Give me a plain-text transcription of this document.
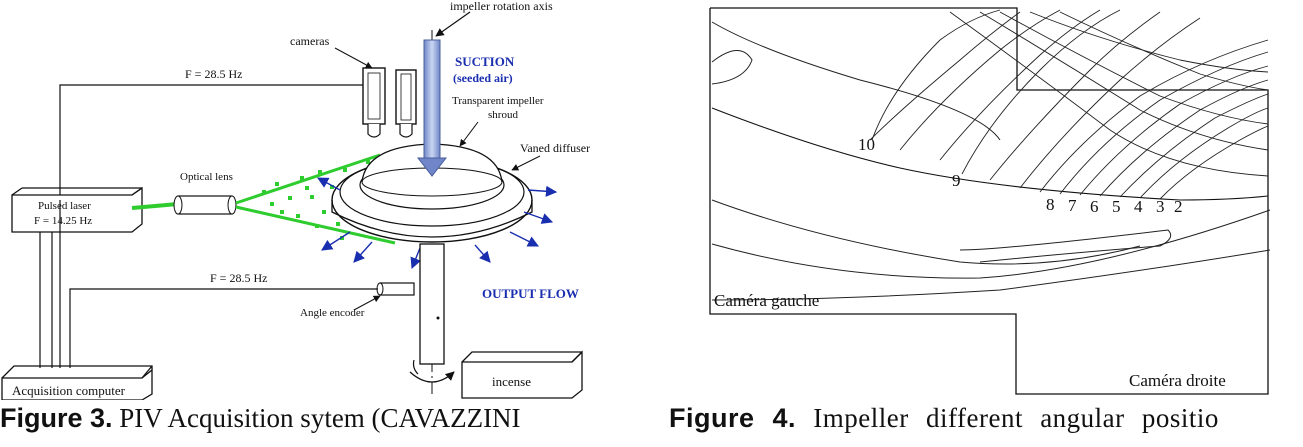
impeller rotation axis
cameras
F = 28.5 Hz
Pulsed laser
F = 14.25 Hz
Optical lens
SUCTION
(seeded air)
Transparent impeller
shroud
Vaned diffuser
OUTPUT FLOW
Angle encoder
F = 28.5 Hz
Acquisition computer
incense
10
9
8 7 6 5 4 3 2
Caméra gauche
Caméra droite
Figure 3. PIV Acquisition sytem (CAVAZZINI	Figure 4. Impeller different angular positio
